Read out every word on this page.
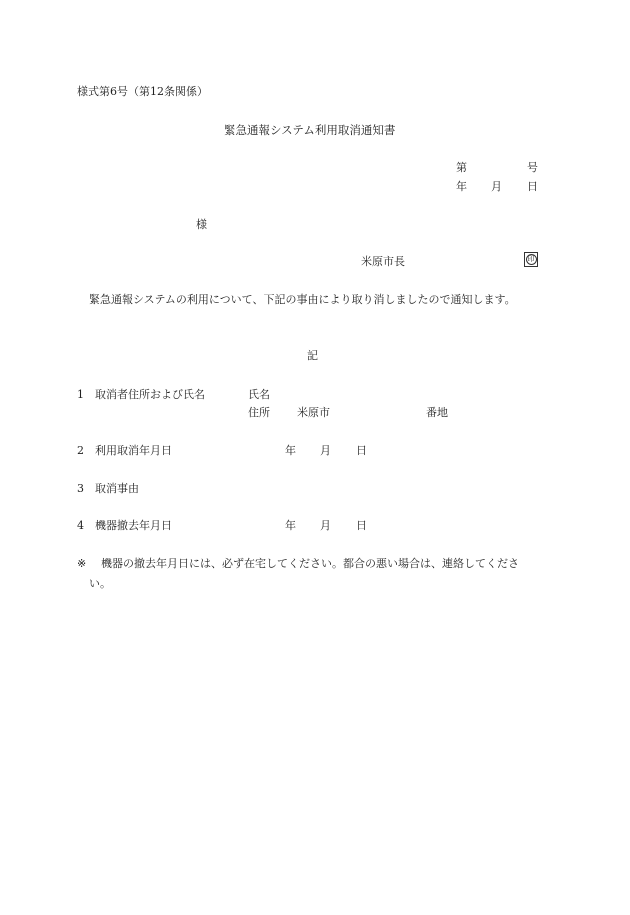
様式第6号（第12条関係）
緊急通報システム利用取消通知書
第	号
年 月 日
様
米原市長	印
緊急通報システムの利用について、下記の事由により取り消しましたので通知します。
記
1 取消者住所および氏名	氏名
住所 米原市	番地
2 利用取消年月日	年 月 日
3 取消事由
4 機器撤去年月日	年 月 日
※ 機器の撤去年月日には、必ず在宅してください。都合の悪い場合は、連絡してくださ
い。
